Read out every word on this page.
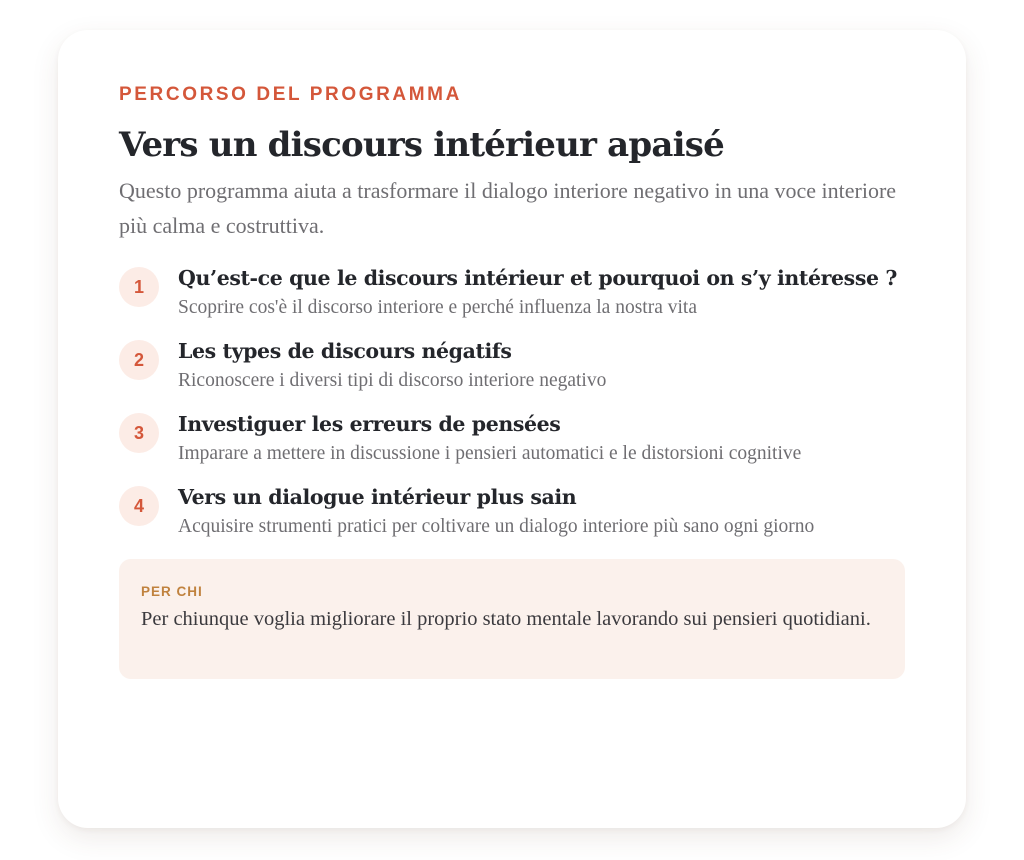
PERCORSO DEL PROGRAMMA
Vers un discours intérieur apaisé

Questo programma aiuta a trasformare il dialogo interiore negativo in una voce interiore più calma e costruttiva.

1	Qu’est-ce que le discours intérieur et pourquoi on s’y intéresse ?
Scoprire cos'è il discorso interiore e perché influenza la nostra vita
2	Les types de discours négatifs
Riconoscere i diversi tipi di discorso interiore negativo
3	Investiguer les erreurs de pensées
Imparare a mettere in discussione i pensieri automatici e le distorsioni cognitive
4	Vers un dialogue intérieur plus sain
Acquisire strumenti pratici per coltivare un dialogo interiore più sano ogni giorno
PER CHI
Per chiunque voglia migliorare il proprio stato mentale lavorando sui pensieri quotidiani.
